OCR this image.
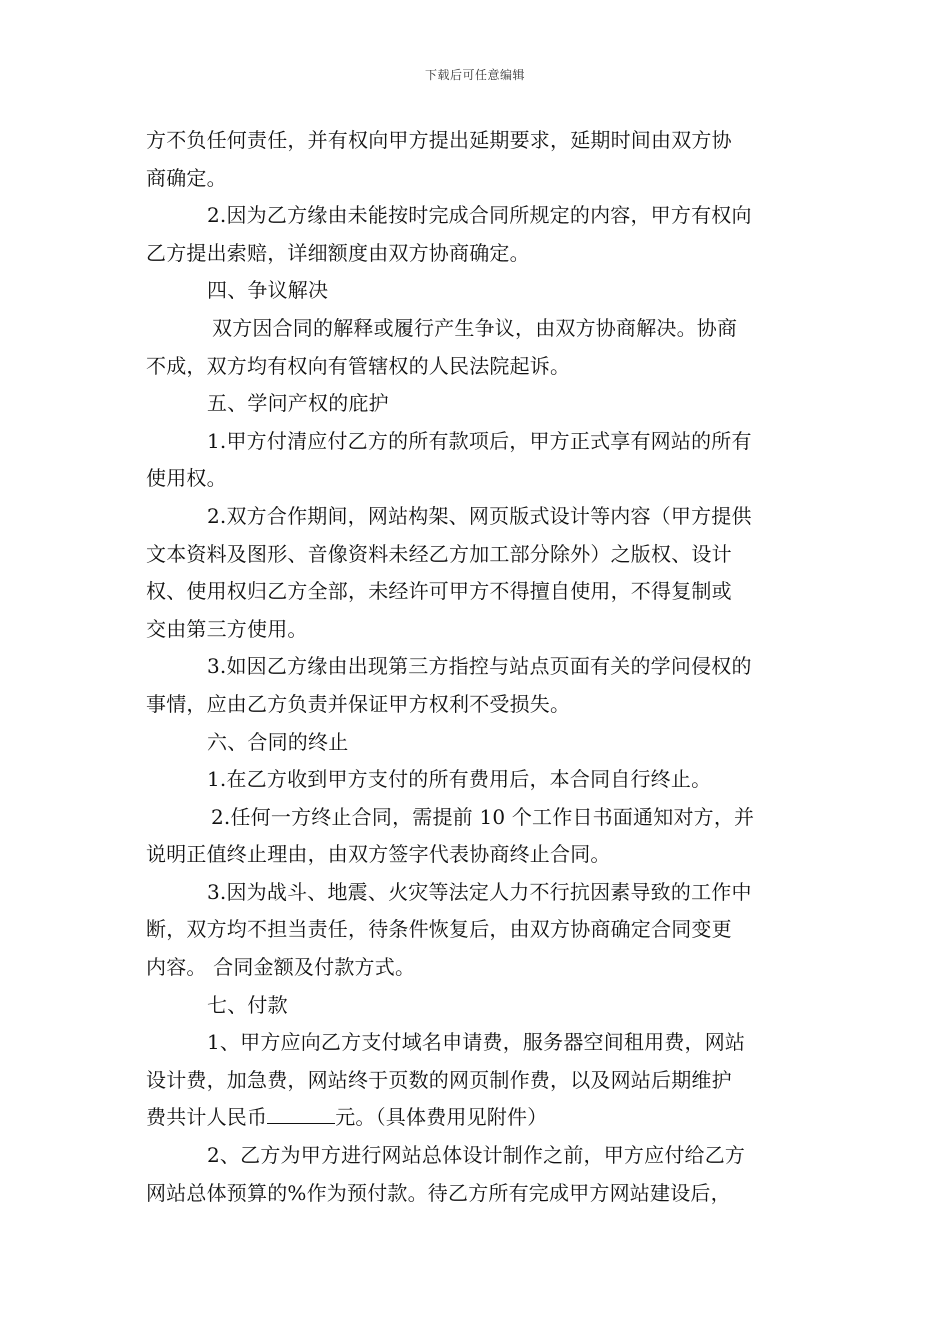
下载后可任意编辑
方不负任何责任，并有权向甲方提出延期要求，延期时间由双方协
商确定。
2.因为乙方缘由未能按时完成合同所规定的内容，甲方有权向
乙方提出索赔，详细额度由双方协商确定。
四、争议解决
双方因合同的解释或履行产生争议，由双方协商解决。协商
不成，双方均有权向有管辖权的人民法院起诉。
五、学问产权的庇护
1.甲方付清应付乙方的所有款项后，甲方正式享有网站的所有
使用权。
2.双方合作期间，网站构架、网页版式设计等内容（甲方提供
文本资料及图形、音像资料未经乙方加工部分除外）之版权、设计
权、使用权归乙方全部，未经许可甲方不得擅自使用，不得复制或
交由第三方使用。
3.如因乙方缘由出现第三方指控与站点页面有关的学问侵权的
事情，应由乙方负责并保证甲方权利不受损失。
六、合同的终止
1.在乙方收到甲方支付的所有费用后，本合同自行终止。
2.任何一方终止合同，需提前 10 个工作日书面通知对方，并
说明正值终止理由，由双方签字代表协商终止合同。
3.因为战斗、地震、火灾等法定人力不行抗因素导致的工作中
断，双方均不担当责任，待条件恢复后，由双方协商确定合同变更
内容。 合同金额及付款方式。
七、付款
1、甲方应向乙方支付域名申请费，服务器空间租用费，网站
设计费，加急费，网站终于页数的网页制作费，以及网站后期维护
费共计人民币	元。（具体费用见附件）
2、乙方为甲方进行网站总体设计制作之前，甲方应付给乙方
网站总体预算的%作为预付款。待乙方所有完成甲方网站建设后，
